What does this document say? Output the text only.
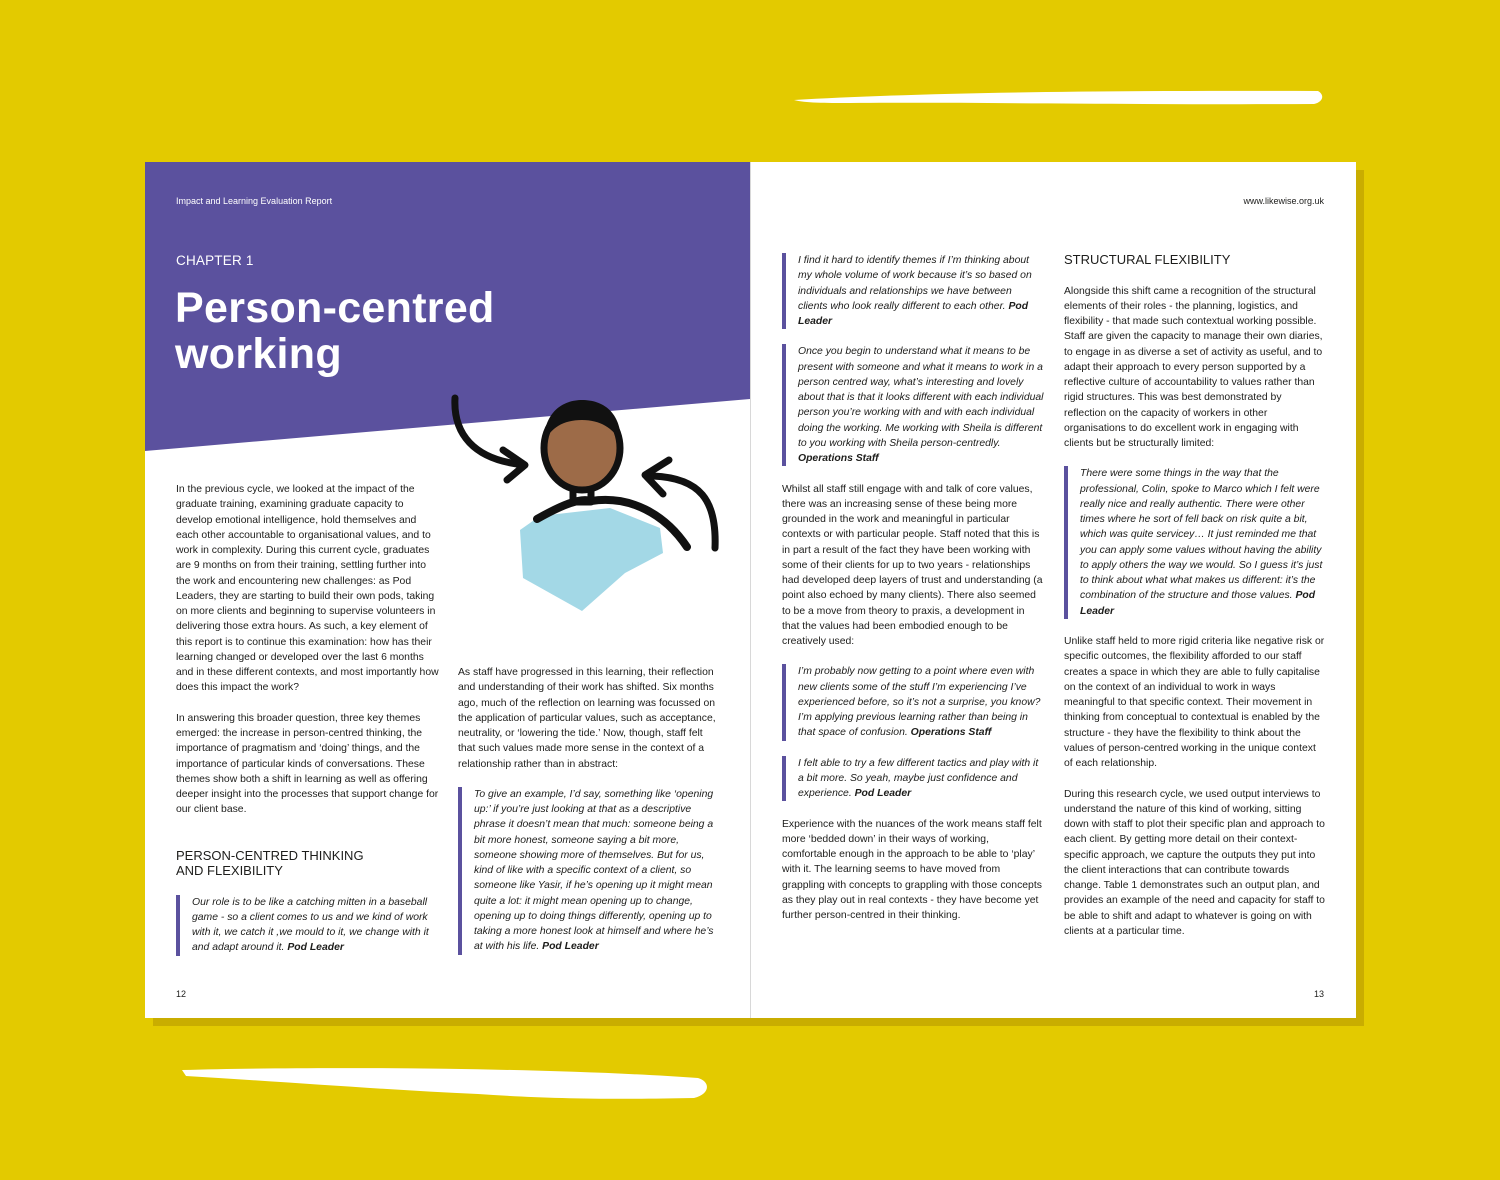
Impact and Learning Evaluation Report
CHAPTER 1
Person-centred
working

In the previous cycle, we looked at the impact of the graduate training, examining graduate capacity to develop emotional intelligence, hold themselves and each other accountable to organisational values, and to work in complexity. During this current cycle, graduates are 9 months on from their training, settling further into the work and encountering new challenges: as Pod Leaders, they are starting to build their own pods, taking on more clients and beginning to supervise volunteers in delivering those extra hours. As such, a key element of this report is to continue this examination: how has their learning changed or developed over the last 6 months and in these different contexts, and most importantly how does this impact the work?

In answering this broader question, three key themes emerged: the increase in person-centred thinking, the importance of pragmatism and ‘doing’ things, and the importance of particular kinds of conversations. These themes show both a shift in learning as well as offering deeper insight into the processes that support change for our client base.

PERSON-CENTRED THINKING AND FLEXIBILITY
Our role is to be like a catching mitten in a baseball game - so a client comes to us and we kind of work with it, we catch it ,we mould to it, we change with it and adapt around it. Pod Leader

As staff have progressed in this learning, their reflection and understanding of their work has shifted. Six months ago, much of the reflection on learning was focussed on the application of particular values, such as acceptance, neutrality, or ‘lowering the tide.’ Now, though, staff felt that such values made more sense in the context of a relationship rather than in abstract:

To give an example, I’d say, something like ‘opening up:’ if you’re just looking at that as a descriptive phrase it doesn’t mean that much: someone being a bit more honest, someone saying a bit more, someone showing more of themselves. But for us, kind of like with a specific context of a client, so someone like Yasir, if he’s opening up it might mean quite a lot: it might mean opening up to change, opening up to doing things differently, opening up to taking a more honest look at himself and where he’s at with his life. Pod Leader
12
www.likewise.org.uk
I find it hard to identify themes if I’m thinking about my whole volume of work because it’s so based on individuals and relationships we have between clients who look really different to each other. Pod Leader
Once you begin to understand what it means to be present with someone and what it means to work in a person centred way, what’s interesting and lovely about that is that it looks different with each individual person you’re working with and with each individual doing the working. Me working with Sheila is different to you working with Sheila person-centredly. Operations Staff

Whilst all staff still engage with and talk of core values, there was an increasing sense of these being more grounded in the work and meaningful in particular contexts or with particular people. Staff noted that this is in part a result of the fact they have been working with some of their clients for up to two years - relationships had developed deep layers of trust and understanding (a point also echoed by many clients). There also seemed to be a move from theory to praxis, a development in that the values had been embodied enough to be creatively used:

I’m probably now getting to a point where even with new clients some of the stuff I’m experiencing I’ve experienced before, so it’s not a surprise, you know? I’m applying previous learning rather than being in that space of confusion. Operations Staff
I felt able to try a few different tactics and play with it a bit more. So yeah, maybe just confidence and experience. Pod Leader

Experience with the nuances of the work means staff felt more ‘bedded down’ in their ways of working, comfortable enough in the approach to be able to ‘play’ with it. The learning seems to have moved from grappling with concepts to grappling with those concepts as they play out in real contexts - they have become yet further person-centred in their thinking.

STRUCTURAL FLEXIBILITY

Alongside this shift came a recognition of the structural elements of their roles - the planning, logistics, and flexibility - that made such contextual working possible. Staff are given the capacity to manage their own diaries, to engage in as diverse a set of activity as useful, and to adapt their approach to every person supported by a reflective culture of accountability to values rather than rigid structures. This was best demonstrated by reflection on the capacity of workers in other organisations to do excellent work in engaging with clients but be structurally limited:

There were some things in the way that the professional, Colin, spoke to Marco which I felt were really nice and really authentic. There were other times where he sort of fell back on risk quite a bit, which was quite servicey… It just reminded me that you can apply some values without having the ability to apply others the way we would. So I guess it’s just to think about what what makes us different: it’s the combination of the structure and those values. Pod Leader

Unlike staff held to more rigid criteria like negative risk or specific outcomes, the flexibility afforded to our staff creates a space in which they are able to fully capitalise on the context of an individual to work in ways meaningful to that specific context. Their movement in thinking from conceptual to contextual is enabled by the structure - they have the flexibility to think about the values of person-centred working in the unique context of each relationship.

During this research cycle, we used output interviews to understand the nature of this kind of working, sitting down with staff to plot their specific plan and approach to each client. By getting more detail on their context-specific approach, we capture the outputs they put into the client interactions that can contribute towards change. Table 1 demonstrates such an output plan, and provides an example of the need and capacity for staff to be able to shift and adapt to whatever is going on with clients at a particular time.

13
